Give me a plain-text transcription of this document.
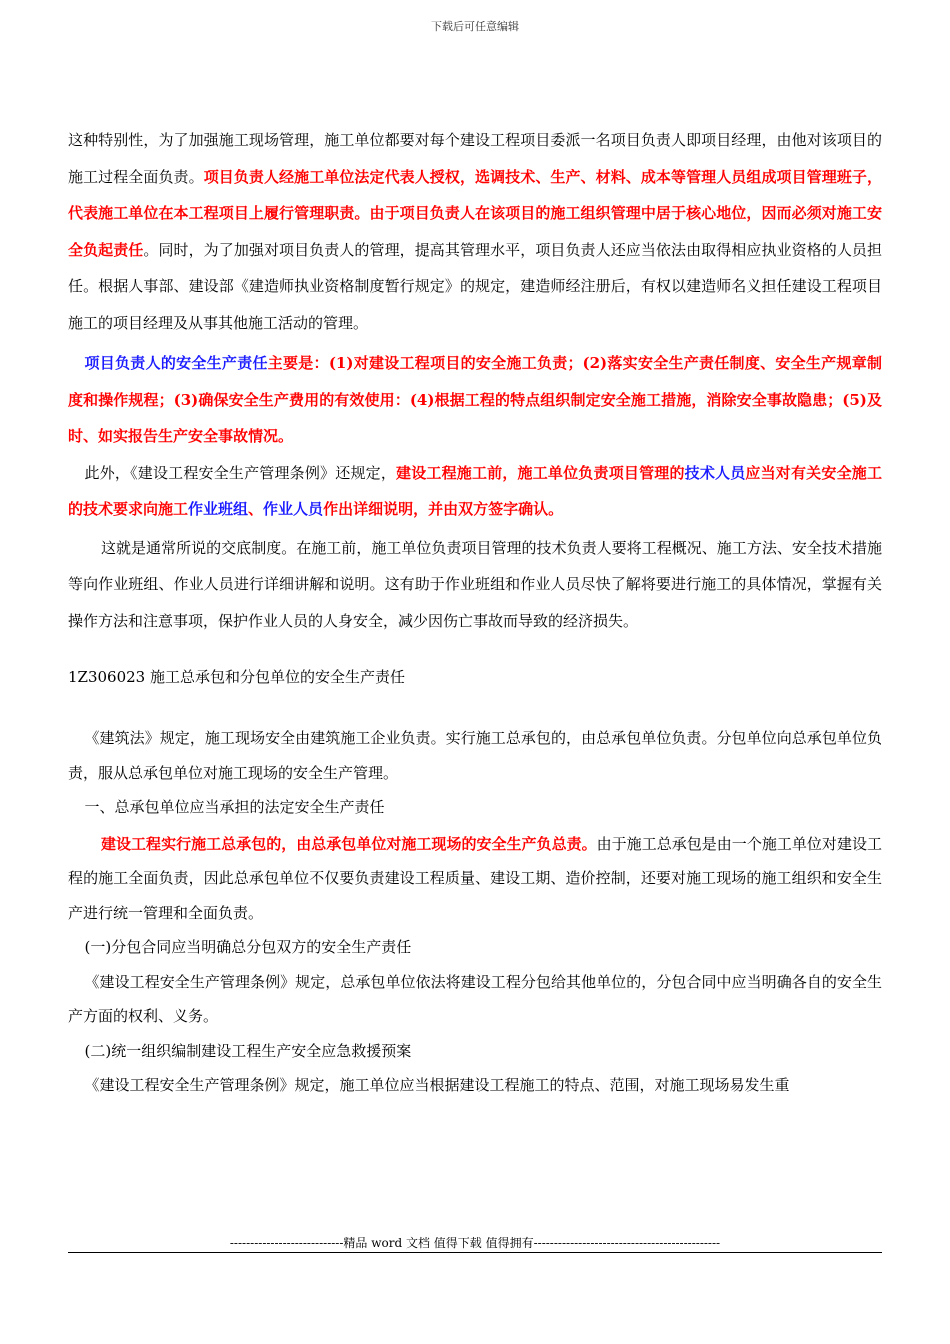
下载后可任意编辑

这种特别性，为了加强施工现场管理，施工单位都要对每个建设工程项目委派一名项目负责人即项目经理，由他对该项目的施工过程全面负责。项目负责人经施工单位法定代表人授权，选调技术、生产、材料、成本等管理人员组成项目管理班子，代表施工单位在本工程项目上履行管理职责。由于项目负责人在该项目的施工组织管理中居于核心地位，因而必须对施工安全负起责任。同时，为了加强对项目负责人的管理，提高其管理水平，项目负责人还应当依法由取得相应执业资格的人员担任。根据人事部、建设部《建造师执业资格制度暂行规定》的规定，建造师经注册后，有权以建造师名义担任建设工程项目施工的项目经理及从事其他施工活动的管理。

项目负责人的安全生产责任主要是：(1)对建设工程项目的安全施工负责；(2)落实安全生产责任制度、安全生产规章制度和操作规程；(3)确保安全生产费用的有效使用：(4)根据工程的特点组织制定安全施工措施，消除安全事故隐患；(5)及时、如实报告生产安全事故情况。

此外，《建设工程安全生产管理条例》还规定，建设工程施工前，施工单位负责项目管理的技术人员应当对有关安全施工的技术要求向施工作业班组、作业人员作出详细说明，并由双方签字确认。

这就是通常所说的交底制度。在施工前，施工单位负责项目管理的技术负责人要将工程概况、施工方法、安全技术措施等向作业班组、作业人员进行详细讲解和说明。这有助于作业班组和作业人员尽快了解将要进行施工的具体情况，掌握有关操作方法和注意事项，保护作业人员的人身安全，减少因伤亡事故而导致的经济损失。

1Z306023 施工总承包和分包单位的安全生产责任

《建筑法》规定，施工现场安全由建筑施工企业负责。实行施工总承包的，由总承包单位负责。分包单位向总承包单位负责，服从总承包单位对施工现场的安全生产管理。

一、总承包单位应当承担的法定安全生产责任

建设工程实行施工总承包的，由总承包单位对施工现场的安全生产负总责。由于施工总承包是由一个施工单位对建设工程的施工全面负责，因此总承包单位不仅要负责建设工程质量、建设工期、造价控制，还要对施工现场的施工组织和安全生产进行统一管理和全面负责。

(一)分包合同应当明确总分包双方的安全生产责任

《建设工程安全生产管理条例》规定，总承包单位依法将建设工程分包给其他单位的，分包合同中应当明确各自的安全生产方面的权利、义务。

(二)统一组织编制建设工程生产安全应急救援预案

《建设工程安全生产管理条例》规定，施工单位应当根据建设工程施工的特点、范围，对施工现场易发生重

----------------------------精品 word 文档 值得下载 值得拥有----------------------------------------------
